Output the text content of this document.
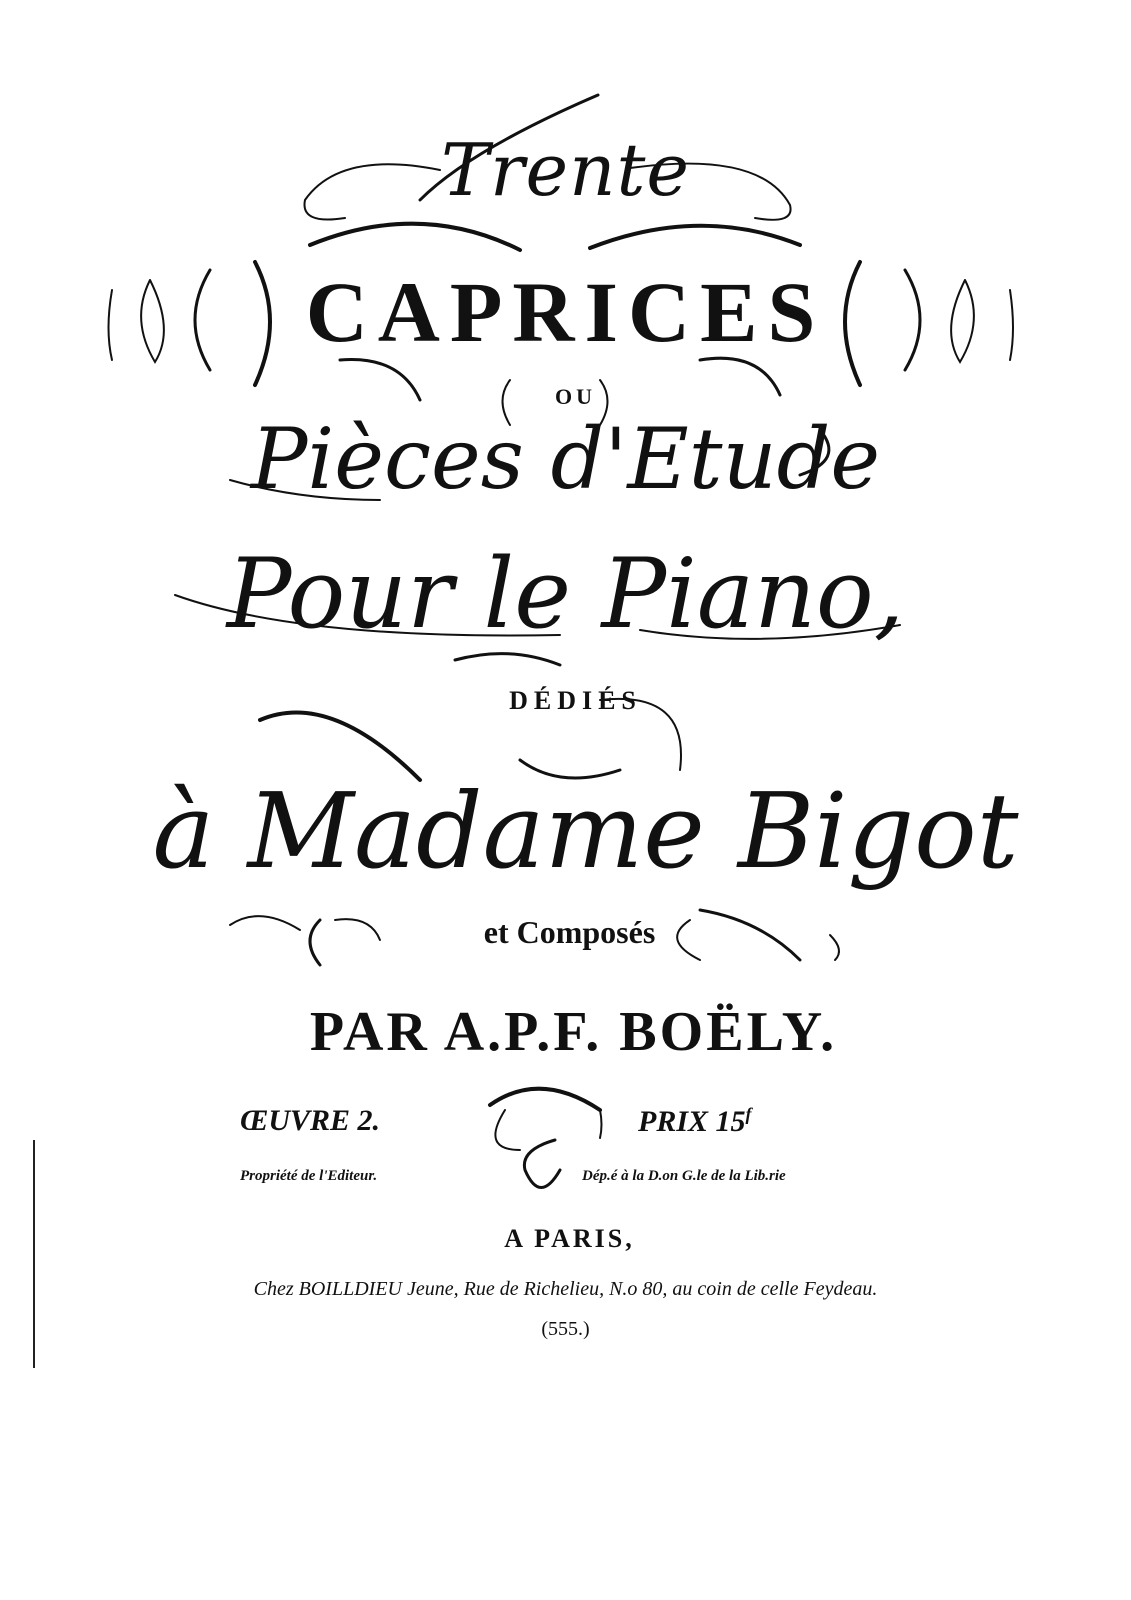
Trente
CAPRICES
OU
Pièces d'Etude
Pour le Piano,
DÉDIÉS
à Madame Bigot
et Composés
PAR A.P.F. BOËLY.
ŒUVRE 2.	PRIX 15$^f$
Propriété de l'Editeur.	Dép.é à la D.on G.le de la Lib.rie
A PARIS,
Chez BOILLDIEU Jeune, Rue de Richelieu, N.o 80, au coin de celle Feydeau.
(555.)
